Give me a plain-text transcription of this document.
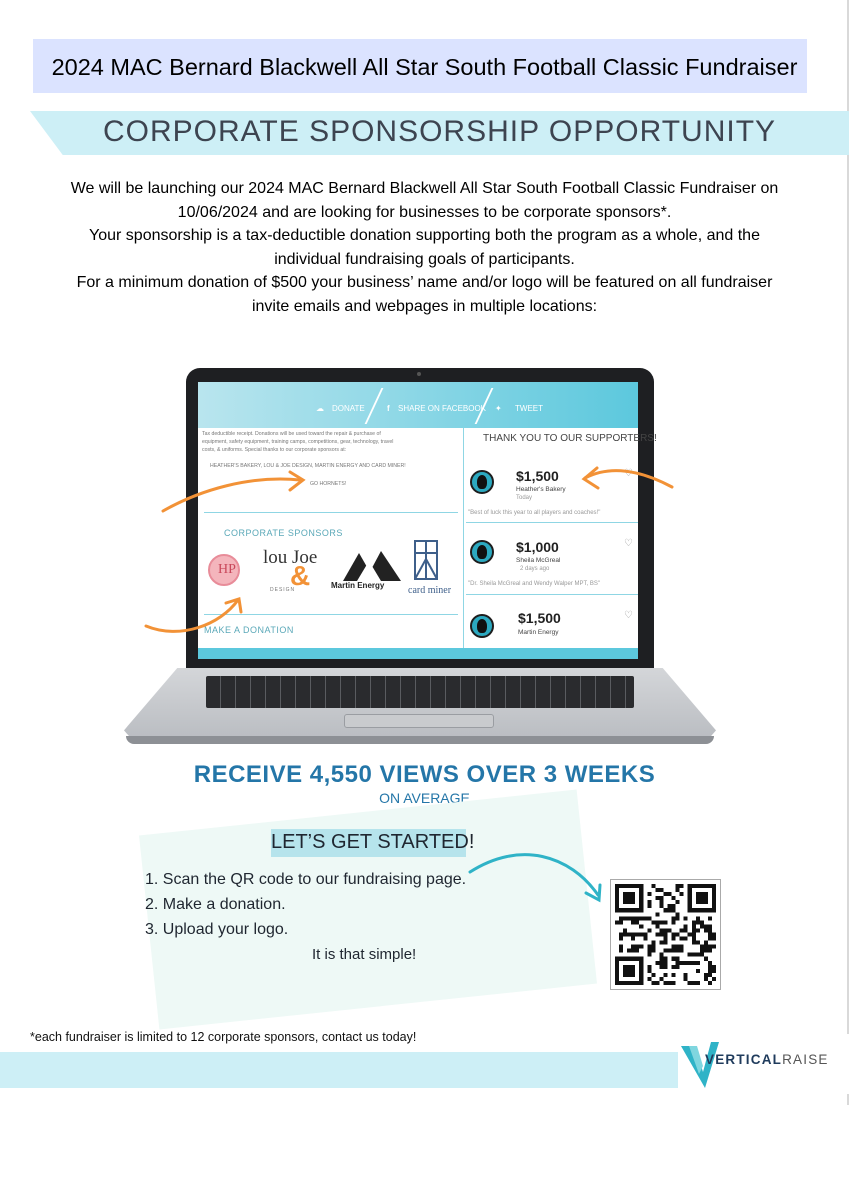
2024 MAC Bernard Blackwell All Star South Football Classic Fundraiser
CORPORATE SPONSORSHIP OPPORTUNITY
We will be launching our 2024 MAC Bernard Blackwell All Star South Football Classic Fundraiser on
10/06/2024 and are looking for businesses to be corporate sponsors*.
Your sponsorship is a tax-deductible donation supporting both the program as a whole, and the
individual fundraising goals of participants.
For a minimum donation of $500 your business’ name and/or logo will be featured on all fundraiser
invite emails and webpages in multiple locations:
☁ DONATE	f SHARE ON FACEBOOK ✦ TWEET
Tax deductible receipt. Donations will be used toward the repair & purchase of
equipment, safety equipment, training camps, competitions, gear, technology, travel
costs, & uniforms. Special thanks to our corporate sponsors at:
HEATHER'S BAKERY, LOU & JOE DESIGN, MARTIN ENERGY AND CARD MINER!
GO HORNETS!
CORPORATE SPONSORS
HP
lou Joe
&
DESIGN	Martin Energy card miner
MAKE A DONATION
THANK YOU TO OUR SUPPORTERS!
$1,500
Heather's Bakery
Today
♡
"Best of luck this year to all players and coaches!"
$1,000
Sheila McGreal
2 days ago
♡
"Dr. Sheila McGreal and Wendy Walper MPT, BS"
$1,500
Martin Energy
♡
RECEIVE 4,550 VIEWS OVER 3 WEEKS
ON AVERAGE
LET’S GET STARTED!
1. Scan the QR code to our fundraising page.
2. Make a donation.
3. Upload your logo.
It is that simple!
*each fundraiser is limited to 12 corporate sponsors, contact us today!
VERTICALRAISE
